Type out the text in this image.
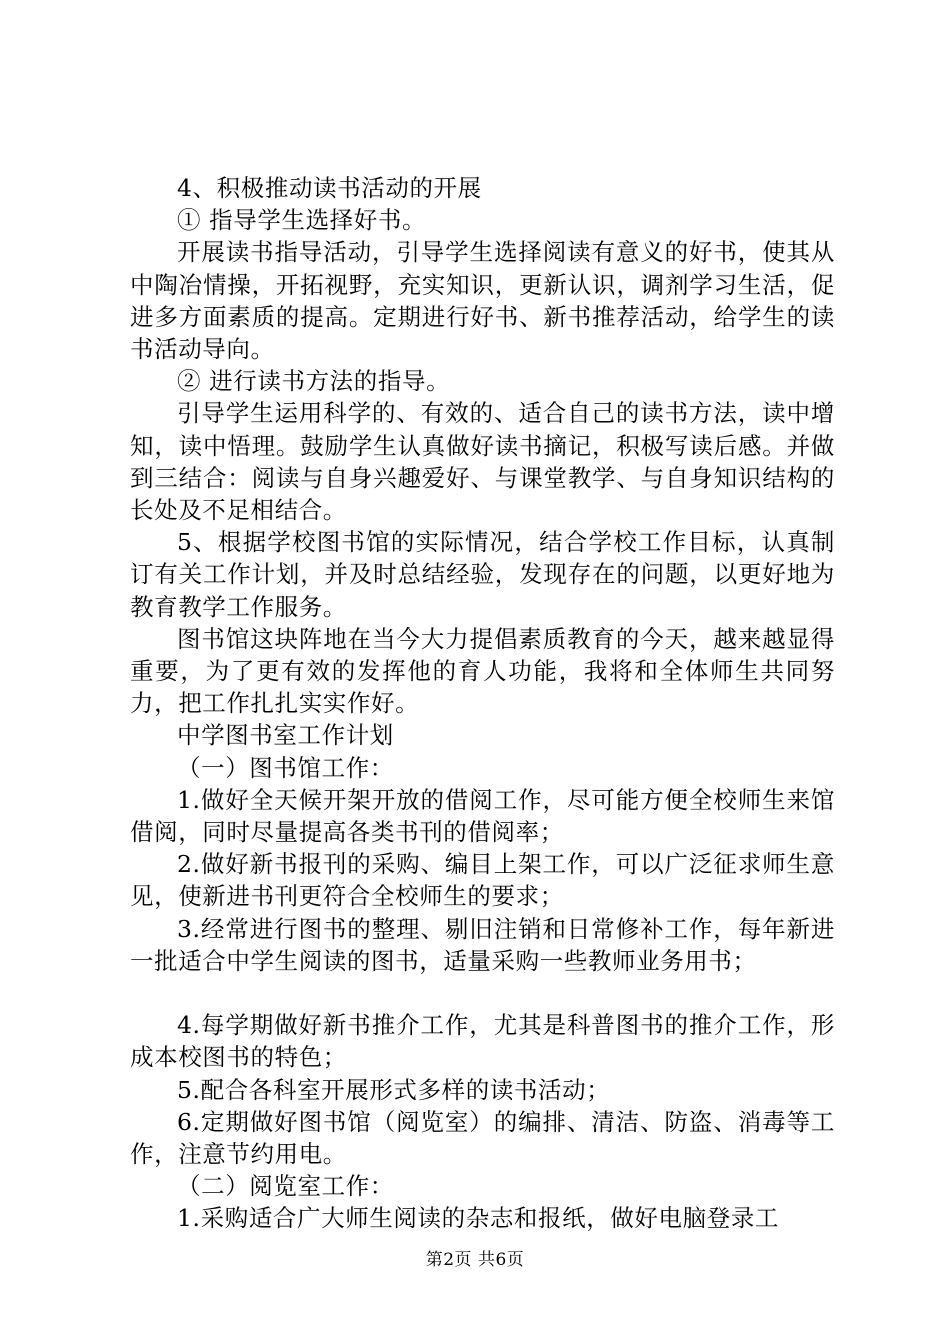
4、积极推动读书活动的开展

① 指导学生选择好书。

开展读书指导活动，引导学生选择阅读有意义的好书，使其从中陶冶情操，开拓视野，充实知识，更新认识，调剂学习生活，促进多方面素质的提高。定期进行好书、新书推荐活动，给学生的读书活动导向。

② 进行读书方法的指导。

引导学生运用科学的、有效的、适合自己的读书方法，读中增知，读中悟理。鼓励学生认真做好读书摘记，积极写读后感。并做到三结合：阅读与自身兴趣爱好、与课堂教学、与自身知识结构的长处及不足相结合。

5、根据学校图书馆的实际情况，结合学校工作目标，认真制订有关工作计划，并及时总结经验，发现存在的问题，以更好地为教育教学工作服务。

图书馆这块阵地在当今大力提倡素质教育的今天，越来越显得重要，为了更有效的发挥他的育人功能，我将和全体师生共同努力，把工作扎扎实实作好。

中学图书室工作计划

（一）图书馆工作：

1.做好全天候开架开放的借阅工作，尽可能方便全校师生来馆借阅，同时尽量提高各类书刊的借阅率；

2.做好新书报刊的采购、编目上架工作，可以广泛征求师生意见，使新进书刊更符合全校师生的要求；

3.经常进行图书的整理、剔旧注销和日常修补工作，每年新进一批适合中学生阅读的图书，适量采购一些教师业务用书；

4.每学期做好新书推介工作，尤其是科普图书的推介工作，形成本校图书的特色；

5.配合各科室开展形式多样的读书活动；

6.定期做好图书馆（阅览室）的编排、清洁、防盗、消毒等工作，注意节约用电。

（二）阅览室工作：

1.采购适合广大师生阅读的杂志和报纸，做好电脑登录工

第2页 共6页
